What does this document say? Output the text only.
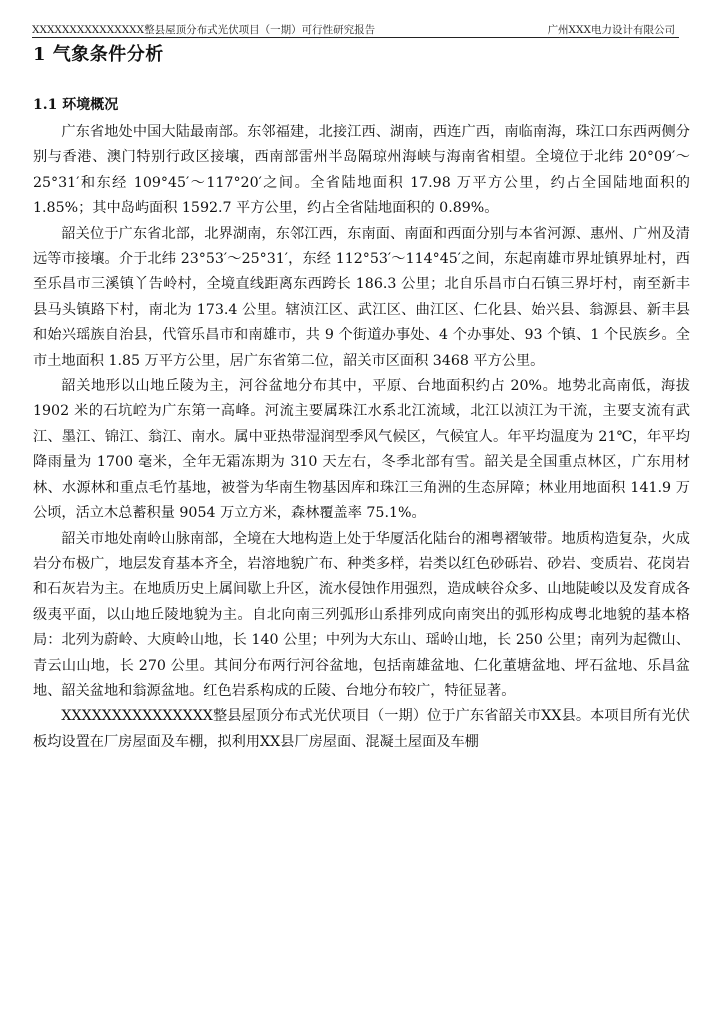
XXXXXXXXXXXXXXX整县屋顶分布式光伏项目（一期）可行性研究报告	广州XXX电力设计有限公司
1 气象条件分析
1.1 环境概况

广东省地处中国大陆最南部。东邻福建，北接江西、湖南，西连广西，南临南海，珠江口东西两侧分别与香港、澳门特别行政区接壤，西南部雷州半岛隔琼州海峡与海南省相望。全境位于北纬 20°09′～25°31′和东经 109°45′～117°20′之间。全省陆地面积 17.98 万平方公里，约占全国陆地面积的 1.85%；其中岛屿面积 1592.7 平方公里，约占全省陆地面积的 0.89%。

韶关位于广东省北部，北界湖南，东邻江西，东南面、南面和西面分别与本省河源、惠州、广州及清远等市接壤。介于北纬 23°53′～25°31′，东经 112°53′～114°45′之间，东起南雄市界址镇界址村，西至乐昌市三溪镇丫告岭村，全境直线距离东西跨长 186.3 公里；北自乐昌市白石镇三界圩村，南至新丰县马头镇路下村，南北为 173.4 公里。辖浈江区、武江区、曲江区、仁化县、始兴县、翁源县、新丰县和始兴瑶族自治县，代管乐昌市和南雄市，共 9 个街道办事处、4 个办事处、93 个镇、1 个民族乡。全市土地面积 1.85 万平方公里，居广东省第二位，韶关市区面积 3468 平方公里。

韶关地形以山地丘陵为主，河谷盆地分布其中，平原、台地面积约占 20%。地势北高南低，海拔 1902 米的石坑崆为广东第一高峰。河流主要属珠江水系北江流域，北江以浈江为干流，主要支流有武江、墨江、锦江、翁江、南水。属中亚热带湿润型季风气候区，气候宜人。年平均温度为 21℃，年平均降雨量为 1700 毫米，全年无霜冻期为 310 天左右，冬季北部有雪。韶关是全国重点林区，广东用材林、水源林和重点毛竹基地，被誉为华南生物基因库和珠江三角洲的生态屏障；林业用地面积 141.9 万公顷，活立木总蓄积量 9054 万立方米，森林覆盖率 75.1%。

韶关市地处南岭山脉南部，全境在大地构造上处于华厦活化陆台的湘粤褶皱带。地质构造复杂，火成岩分布极广，地层发育基本齐全，岩溶地貌广布、种类多样，岩类以红色砂砾岩、砂岩、变质岩、花岗岩和石灰岩为主。在地质历史上属间歇上升区，流水侵蚀作用强烈，造成峡谷众多、山地陡峻以及发育成各级夷平面，以山地丘陵地貌为主。自北向南三列弧形山系排列成向南突出的弧形构成粤北地貌的基本格局：北列为蔚岭、大庾岭山地，长 140 公里；中列为大东山、瑶岭山地，长 250 公里；南列为起微山、青云山山地，长 270 公里。其间分布两行河谷盆地，包括南雄盆地、仁化董塘盆地、坪石盆地、乐昌盆地、韶关盆地和翁源盆地。红色岩系构成的丘陵、台地分布较广，特征显著。

XXXXXXXXXXXXXXX整县屋顶分布式光伏项目（一期）位于广东省韶关市XX县。本项目所有光伏板均设置在厂房屋面及车棚，拟利用XX县厂房屋面、混凝土屋面及车棚
